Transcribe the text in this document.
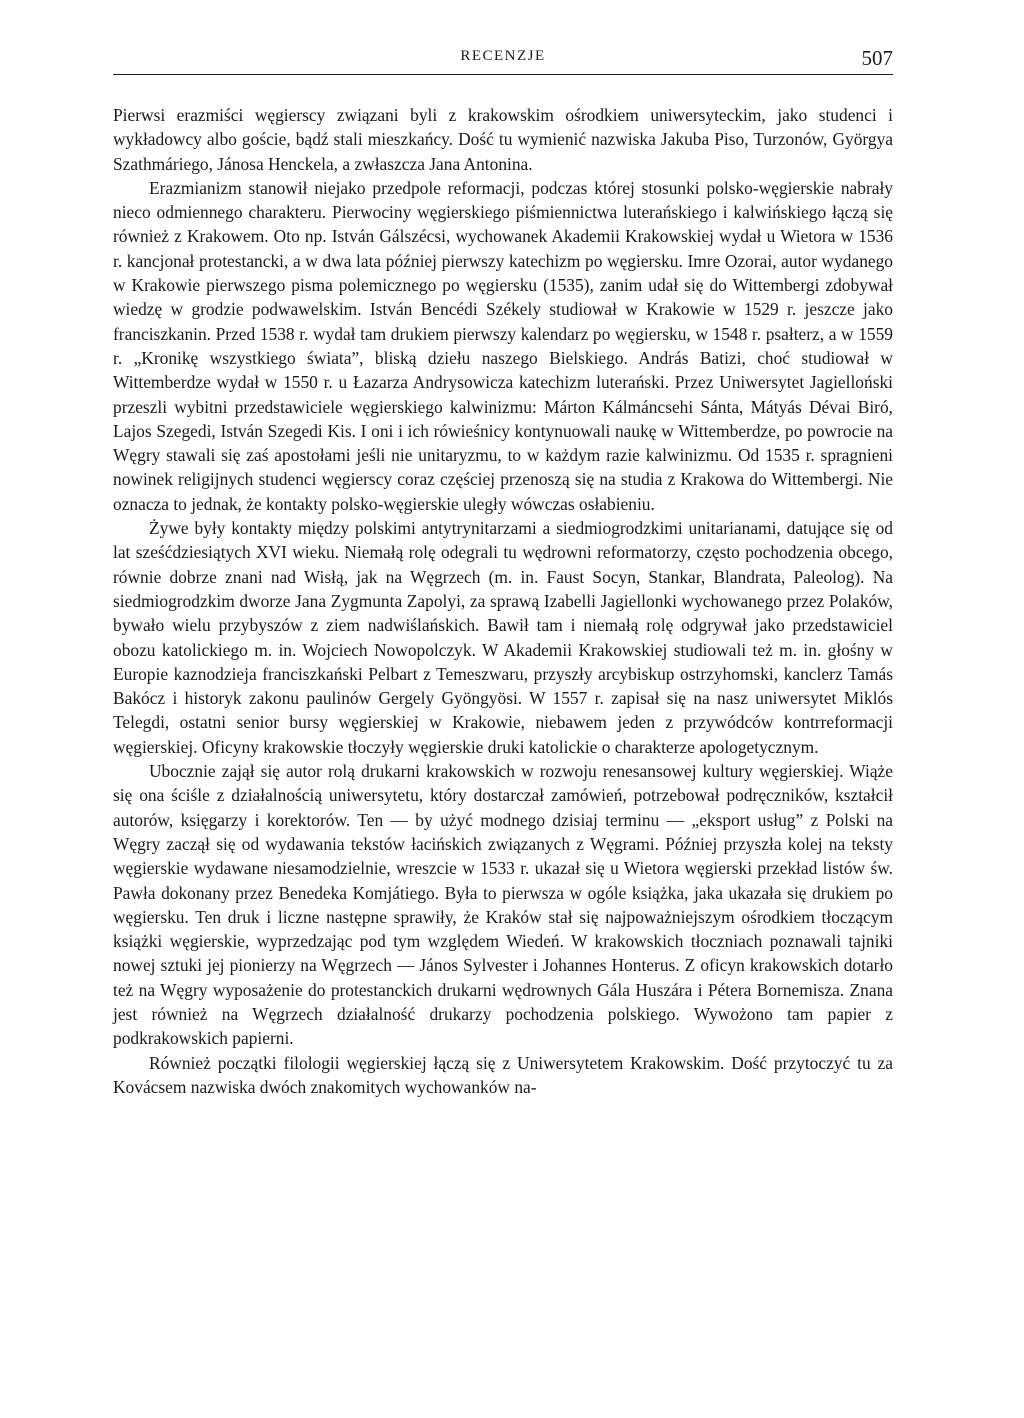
RECENZJE	507

Pierwsi erazmiści węgierscy związani byli z krakowskim ośrodkiem uniwersyteckim, jako studenci i wykładowcy albo goście, bądź stali mieszkańcy. Dość tu wymienić nazwiska Jakuba Piso, Turzonów, Györgya Szathmáriego, Jánosa Henckela, a zwłaszcza Jana Antonina.

Erazmianizm stanowił niejako przedpole reformacji, podczas której stosunki polsko-węgierskie nabrały nieco odmiennego charakteru. Pierwociny węgierskiego piśmiennictwa luterańskiego i kalwińskiego łączą się również z Krakowem. Oto np. István Gálszécsi, wychowanek Akademii Krakowskiej wydał u Wietora w 1536 r. kancjonał protestancki, a w dwa lata później pierwszy katechizm po węgiersku. Imre Ozorai, autor wydanego w Krakowie pierwszego pisma polemicznego po węgiersku (1535), zanim udał się do Wittembergi zdobywał wiedzę w grodzie podwawelskim. István Bencédi Székely studiował w Krakowie w 1529 r. jeszcze jako franciszkanin. Przed 1538 r. wydał tam drukiem pierwszy kalendarz po węgiersku, w 1548 r. psałterz, a w 1559 r. „Kronikę wszystkiego świata”, bliską dziełu naszego Bielskiego. András Batizi, choć studiował w Wittemberdze wydał w 1550 r. u Łazarza Andrysowicza katechizm luterański. Przez Uniwersytet Jagielloński przeszli wybitni przedstawiciele węgierskiego kalwinizmu: Márton Kálmáncsehi Sánta, Mátyás Dévai Biró, Lajos Szegedi, István Szegedi Kis. I oni i ich rówieśnicy kontynuowali naukę w Wittemberdze, po powrocie na Węgry stawali się zaś apostołami jeśli nie unitaryzmu, to w każdym razie kalwinizmu. Od 1535 r. spragnieni nowinek religijnych studenci węgierscy coraz częściej przenoszą się na studia z Krakowa do Wittembergi. Nie oznacza to jednak, że kontakty polsko-węgierskie uległy wówczas osłabieniu.

Żywe były kontakty między polskimi antytrynitarzami a siedmiogrodzkimi unitarianami, datujące się od lat sześćdziesiątych XVI wieku. Niemałą rolę odegrali tu wędrowni reformatorzy, często pochodzenia obcego, równie dobrze znani nad Wisłą, jak na Węgrzech (m. in. Faust Socyn, Stankar, Blandrata, Paleolog). Na siedmiogrodzkim dworze Jana Zygmunta Zapolyi, za sprawą Izabelli Jagiellonki wychowanego przez Polaków, bywało wielu przybyszów z ziem nadwiślańskich. Bawił tam i niemałą rolę odgrywał jako przedstawiciel obozu katolickiego m. in. Wojciech Nowopolczyk. W Akademii Krakowskiej studiowali też m. in. głośny w Europie kaznodzieja franciszkański Pelbart z Temeszwaru, przyszły arcybiskup ostrzyhomski, kanclerz Tamás Bakócz i historyk zakonu paulinów Gergely Gyöngyösi. W 1557 r. zapisał się na nasz uniwersytet Miklós Telegdi, ostatni senior bursy węgierskiej w Krakowie, niebawem jeden z przywódców kontrreformacji węgierskiej. Oficyny krakowskie tłoczyły węgierskie druki katolickie o charakterze apologetycznym.

Ubocznie zajął się autor rolą drukarni krakowskich w rozwoju renesansowej kultury węgierskiej. Wiąże się ona ściśle z działalnością uniwersytetu, który dostarczał zamówień, potrzebował podręczników, kształcił autorów, księgarzy i korektorów. Ten — by użyć modnego dzisiaj terminu — „eksport usług” z Polski na Węgry zaczął się od wydawania tekstów łacińskich związanych z Węgrami. Później przyszła kolej na teksty węgierskie wydawane niesamodzielnie, wreszcie w 1533 r. ukazał się u Wietora węgierski przekład listów św. Pawła dokonany przez Benedeka Komjátiego. Była to pierwsza w ogóle książka, jaka ukazała się drukiem po węgiersku. Ten druk i liczne następne sprawiły, że Kraków stał się najpoważniejszym ośrodkiem tłoczącym książki węgierskie, wyprzedzając pod tym względem Wiedeń. W krakowskich tłoczniach poznawali tajniki nowej sztuki jej pionierzy na Węgrzech — János Sylvester i Johannes Honterus. Z oficyn krakowskich dotarło też na Węgry wyposażenie do protestanckich drukarni wędrownych Gála Huszára i Pétera Bornemisza. Znana jest również na Węgrzech działalność drukarzy pochodzenia polskiego. Wywożono tam papier z podkrakowskich papierni.

Również początki filologii węgierskiej łączą się z Uniwersytetem Krakowskim. Dość przytoczyć tu za Kovácsem nazwiska dwóch znakomitych wychowanków na-
